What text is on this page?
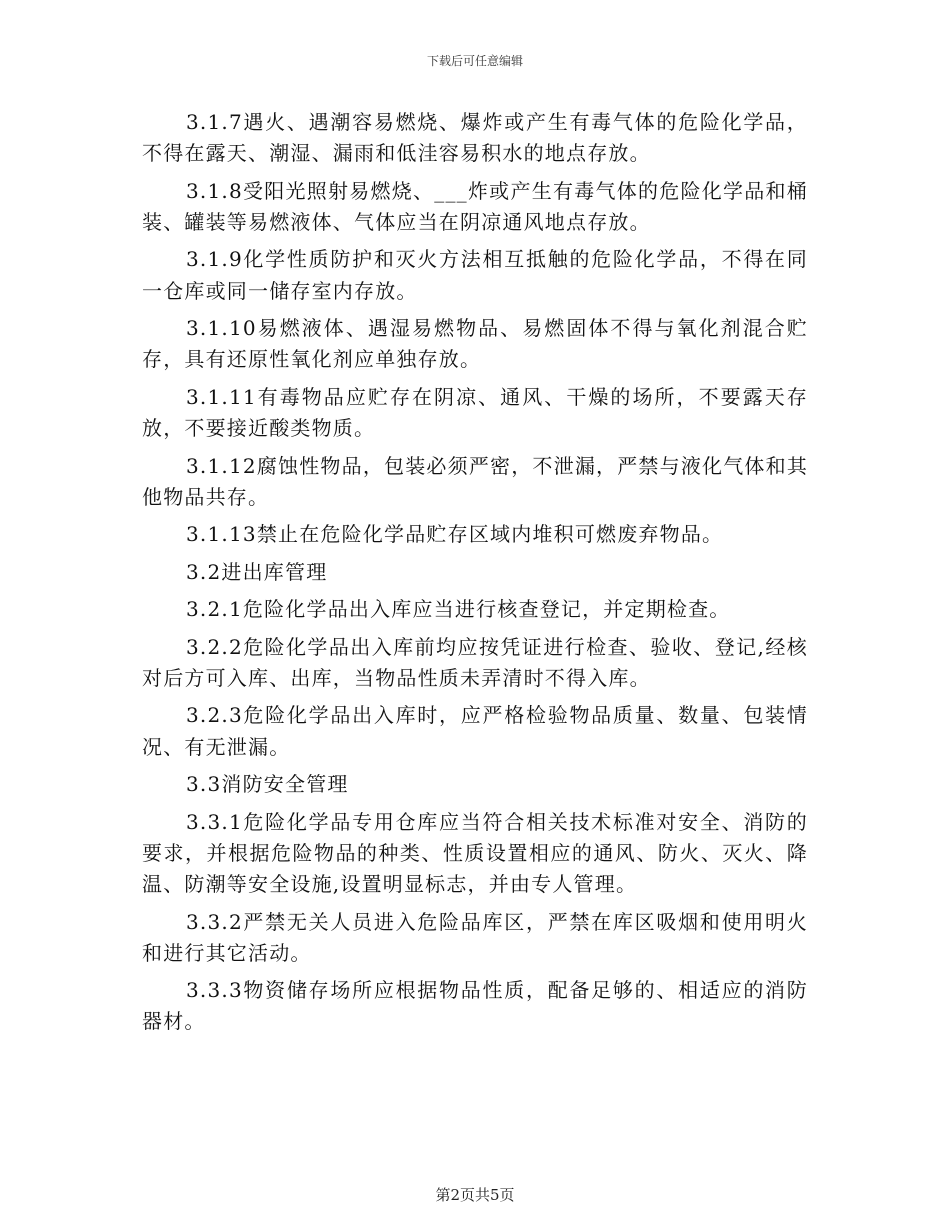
下载后可任意编辑

3.1.7遇火、遇潮容易燃烧、爆炸或产生有毒气体的危险化学品，不得在露天、潮湿、漏雨和低洼容易积水的地点存放。

3.1.8受阳光照射易燃烧、___炸或产生有毒气体的危险化学品和桶装、罐装等易燃液体、气体应当在阴凉通风地点存放。

3.1.9化学性质防护和灭火方法相互抵触的危险化学品，不得在同一仓库或同一储存室内存放。

3.1.10易燃液体、遇湿易燃物品、易燃固体不得与氧化剂混合贮存，具有还原性氧化剂应单独存放。

3.1.11有毒物品应贮存在阴凉、通风、干燥的场所，不要露天存放，不要接近酸类物质。

3.1.12腐蚀性物品，包装必须严密，不泄漏，严禁与液化气体和其他物品共存。

3.1.13禁止在危险化学品贮存区域内堆积可燃废弃物品。

3.2进出库管理

3.2.1危险化学品出入库应当进行核查登记，并定期检查。

3.2.2危险化学品出入库前均应按凭证进行检查、验收、登记,经核对后方可入库、出库，当物品性质未弄清时不得入库。

3.2.3危险化学品出入库时，应严格检验物品质量、数量、包装情况、有无泄漏。

3.3消防安全管理

3.3.1危险化学品专用仓库应当符合相关技术标准对安全、消防的要求，并根据危险物品的种类、性质设置相应的通风、防火、灭火、降温、防潮等安全设施,设置明显标志，并由专人管理。

3.3.2严禁无关人员进入危险品库区，严禁在库区吸烟和使用明火和进行其它活动。

3.3.3物资储存场所应根据物品性质，配备足够的、相适应的消防器材。

第2页共5页
